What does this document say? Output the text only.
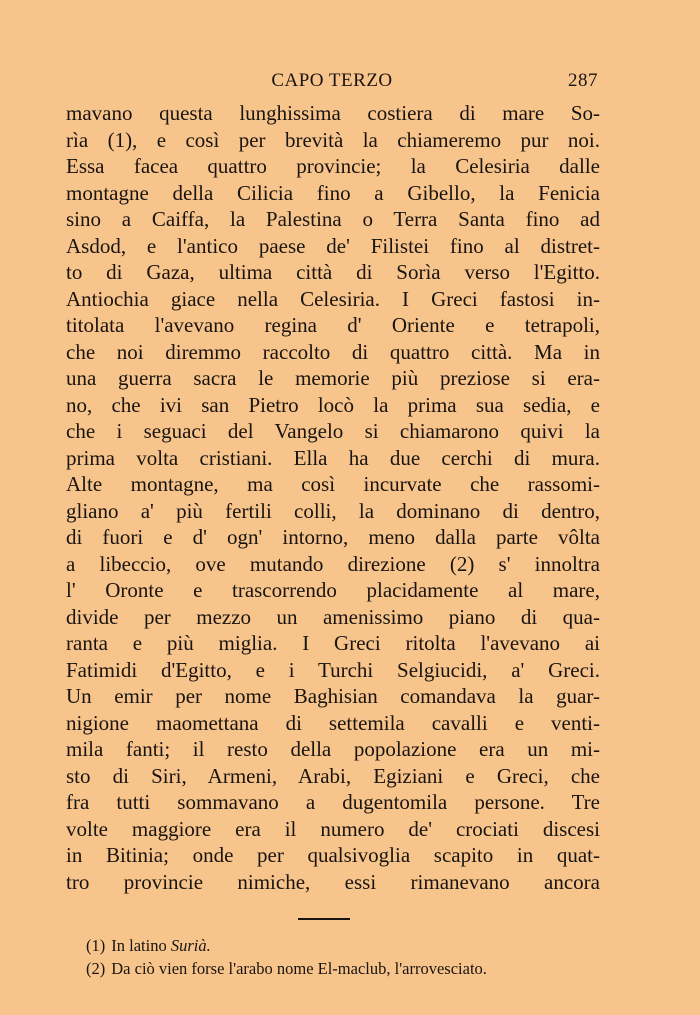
CAPO TERZO	287
mavano questa lunghissima costiera di mare So-
rìa (1), e così per brevità la chiameremo pur noi.
Essa facea quattro provincie; la Celesiria dalle
montagne della Cilicia fino a Gibello, la Fenicia
sino a Caiffa, la Palestina o Terra Santa fino ad
Asdod, e l'antico paese de' Filistei fino al distret-
to di Gaza, ultima città di Sorìa verso l'Egitto.
Antiochia giace nella Celesiria. I Greci fastosi in-
titolata l'avevano regina d' Oriente e tetrapoli,
che noi diremmo raccolto di quattro città. Ma in
una guerra sacra le memorie più preziose si era-
no, che ivi san Pietro locò la prima sua sedia, e
che i seguaci del Vangelo si chiamarono quivi la
prima volta cristiani. Ella ha due cerchi di mura.
Alte montagne, ma così incurvate che rassomi-
gliano a' più fertili colli, la dominano di dentro,
di fuori e d' ogn' intorno, meno dalla parte vôlta
a libeccio, ove mutando direzione (2) s' innoltra
l' Oronte e trascorrendo placidamente al mare,
divide per mezzo un amenissimo piano di qua-
ranta e più miglia. I Greci ritolta l'avevano ai
Fatimidi d'Egitto, e i Turchi Selgiucidi, a' Greci.
Un emir per nome Baghisian comandava la guar-
nigione maomettana di settemila cavalli e venti-
mila fanti; il resto della popolazione era un mi-
sto di Siri, Armeni, Arabi, Egiziani e Greci, che
fra tutti sommavano a dugentomila persone. Tre
volte maggiore era il numero de' crociati discesi
in Bitinia; onde per qualsivoglia scapito in quat-
tro provincie nimiche, essi rimanevano ancora
(1) In latino Surià.
(2) Da ciò vien forse l'arabo nome El-maclub, l'arrovesciato.
